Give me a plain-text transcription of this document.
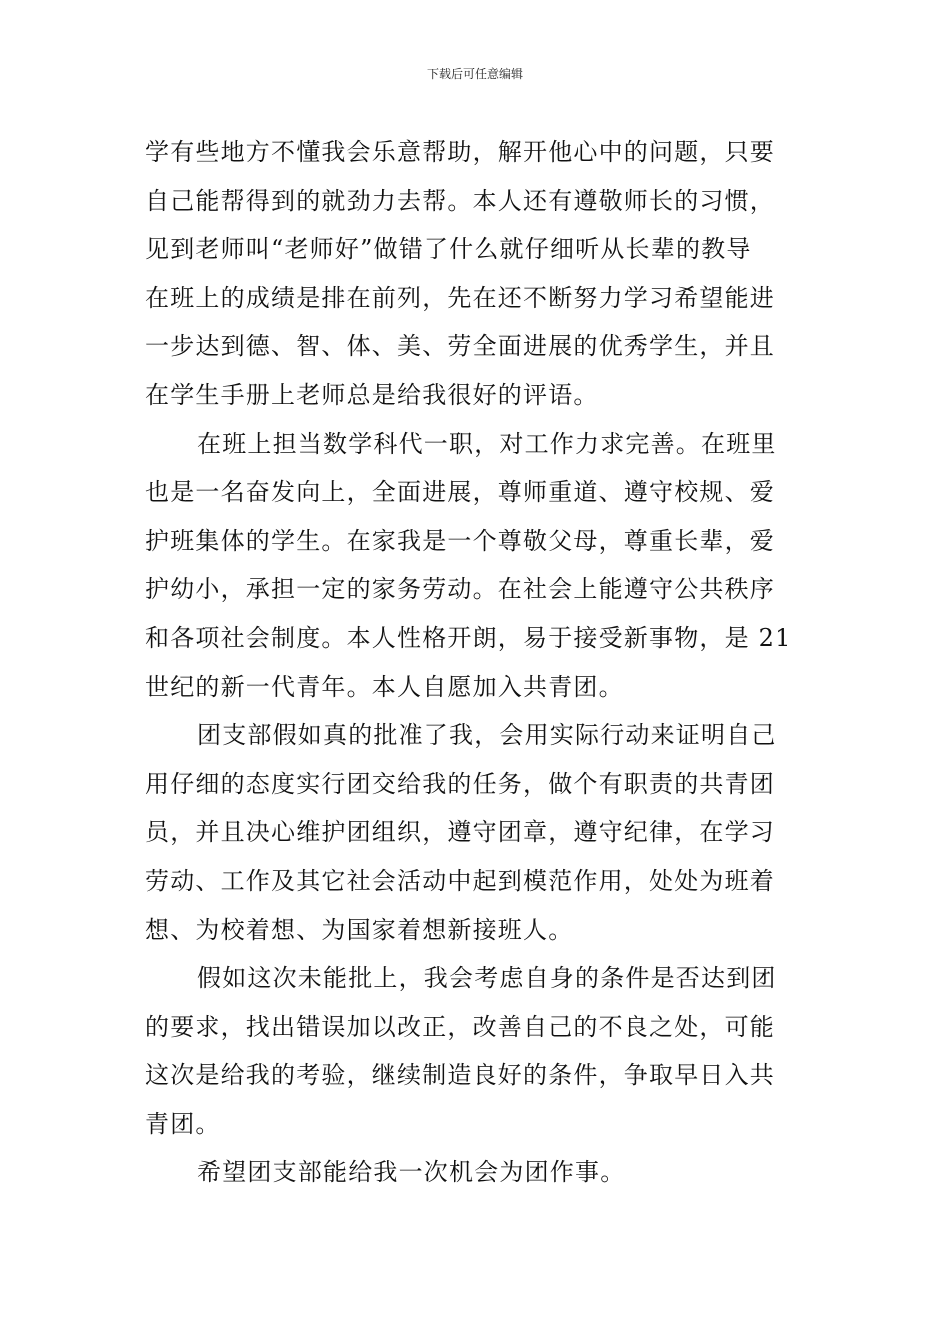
下载后可任意编辑
学有些地方不懂我会乐意帮助，解开他心中的问题，只要
自己能帮得到的就劲力去帮。本人还有遵敬师长的习惯，
见到老师叫“老师好”做错了什么就仔细听从长辈的教导
在班上的成绩是排在前列，先在还不断努力学习希望能进
一步达到德、智、体、美、劳全面进展的优秀学生，并且
在学生手册上老师总是给我很好的评语。
在班上担当数学科代一职，对工作力求完善。在班里
也是一名奋发向上，全面进展，尊师重道、遵守校规、爱
护班集体的学生。在家我是一个尊敬父母，尊重长辈，爱
护幼小，承担一定的家务劳动。在社会上能遵守公共秩序
和各项社会制度。本人性格开朗，易于接受新事物，是 21
世纪的新一代青年。本人自愿加入共青团。
团支部假如真的批准了我，会用实际行动来证明自己
用仔细的态度实行团交给我的任务，做个有职责的共青团
员，并且决心维护团组织，遵守团章，遵守纪律，在学习
劳动、工作及其它社会活动中起到模范作用，处处为班着
想、为校着想、为国家着想新接班人。
假如这次未能批上，我会考虑自身的条件是否达到团
的要求，找出错误加以改正，改善自己的不良之处，可能
这次是给我的考验，继续制造良好的条件，争取早日入共
青团。
希望团支部能给我一次机会为团作事。
